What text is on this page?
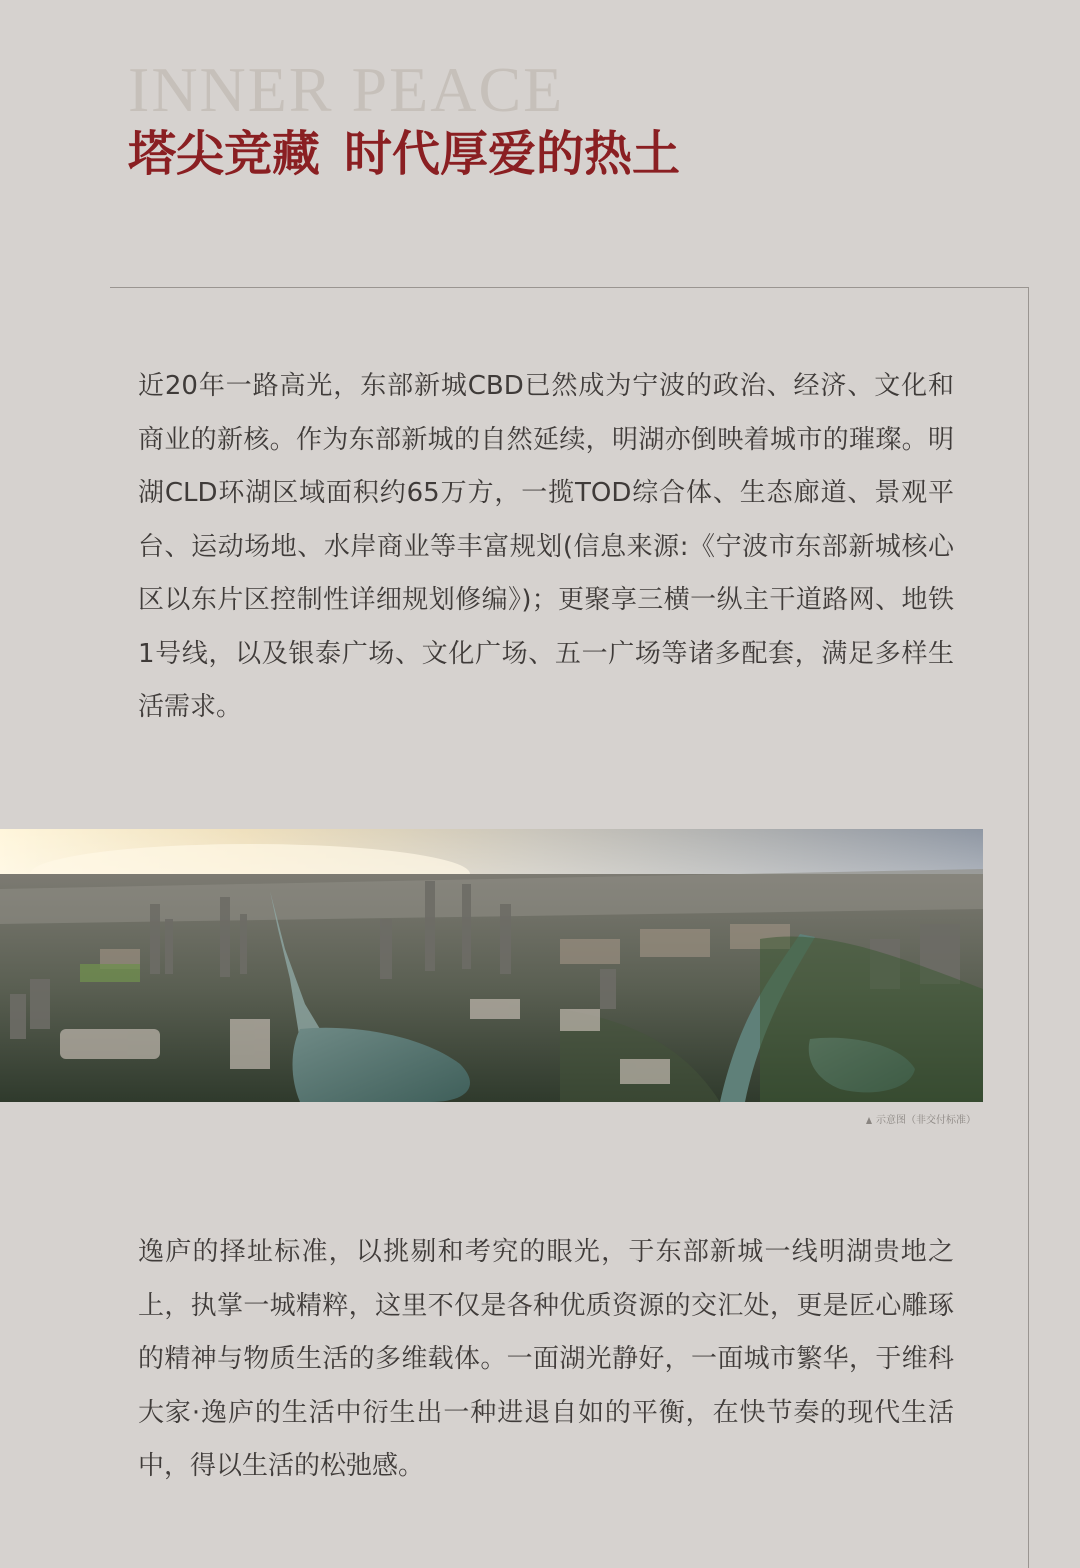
INNER PEACE
塔尖竞藏 时代厚爱的热土

近20年一路高光，东部新城CBD已然成为宁波的政治、经济、文化和商业的新核。作为东部新城的自然延续，明湖亦倒映着城市的璀璨。明湖CLD环湖区域面积约65万方，一揽TOD综合体、生态廊道、景观平台、运动场地、水岸商业等丰富规划(信息来源:《宁波市东部新城核心区以东片区控制性详细规划修编》)；更聚享三横一纵主干道路网、地铁1号线，以及银泰广场、文化广场、五一广场等诸多配套，满足多样生活需求。

示意图（非交付标准）

逸庐的择址标准，以挑剔和考究的眼光，于东部新城一线明湖贵地之上，执掌一城精粹，这里不仅是各种优质资源的交汇处，更是匠心雕琢的精神与物质生活的多维载体。一面湖光静好，一面城市繁华，于维科大家·逸庐的生活中衍生出一种进退自如的平衡，在快节奏的现代生活中，得以生活的松弛感。
